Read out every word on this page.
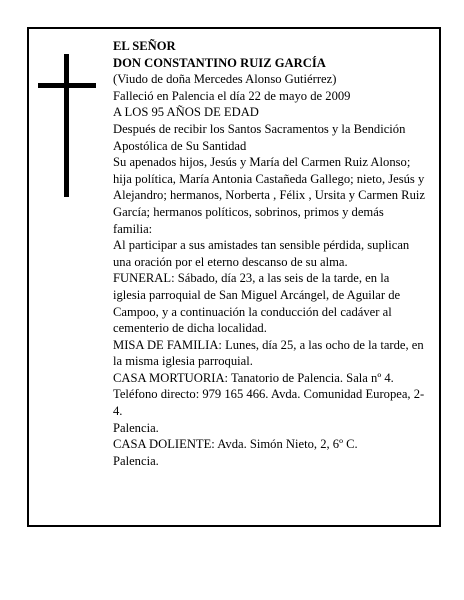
EL SEÑOR

DON CONSTANTINO RUIZ GARCÍA

(Viudo de doña Mercedes Alonso Gutiérrez)

Falleció en Palencia el día 22 de mayo de 2009

A LOS 95 AÑOS DE EDAD

Después de recibir los Santos Sacramentos y la Bendición Apostólica de Su Santidad

Su apenados hijos, Jesús y María del Carmen Ruiz Alonso; hija política, María Antonia Castañeda Gallego; nieto, Jesús y Alejandro; hermanos, Norberta , Félix , Ursita y Carmen Ruiz García; hermanos políticos, sobrinos, primos y demás familia:

Al participar a sus amistades tan sensible pérdida, suplican una oración por el eterno descanso de su alma.

FUNERAL: Sábado, día 23, a las seis de la tarde, en la iglesia parroquial de San Miguel Arcángel, de Aguilar de Campoo, y a continuación la conducción del cadáver al cementerio de dicha localidad.

MISA DE FAMILIA: Lunes, día 25, a las ocho de la tarde, en la misma iglesia parroquial.

CASA MORTUORIA: Tanatorio de Palencia. Sala nº 4. Teléfono directo: 979 165 466. Avda. Comunidad Europea, 2-4.

Palencia.

CASA DOLIENTE: Avda. Simón Nieto, 2, 6º C.

Palencia.
